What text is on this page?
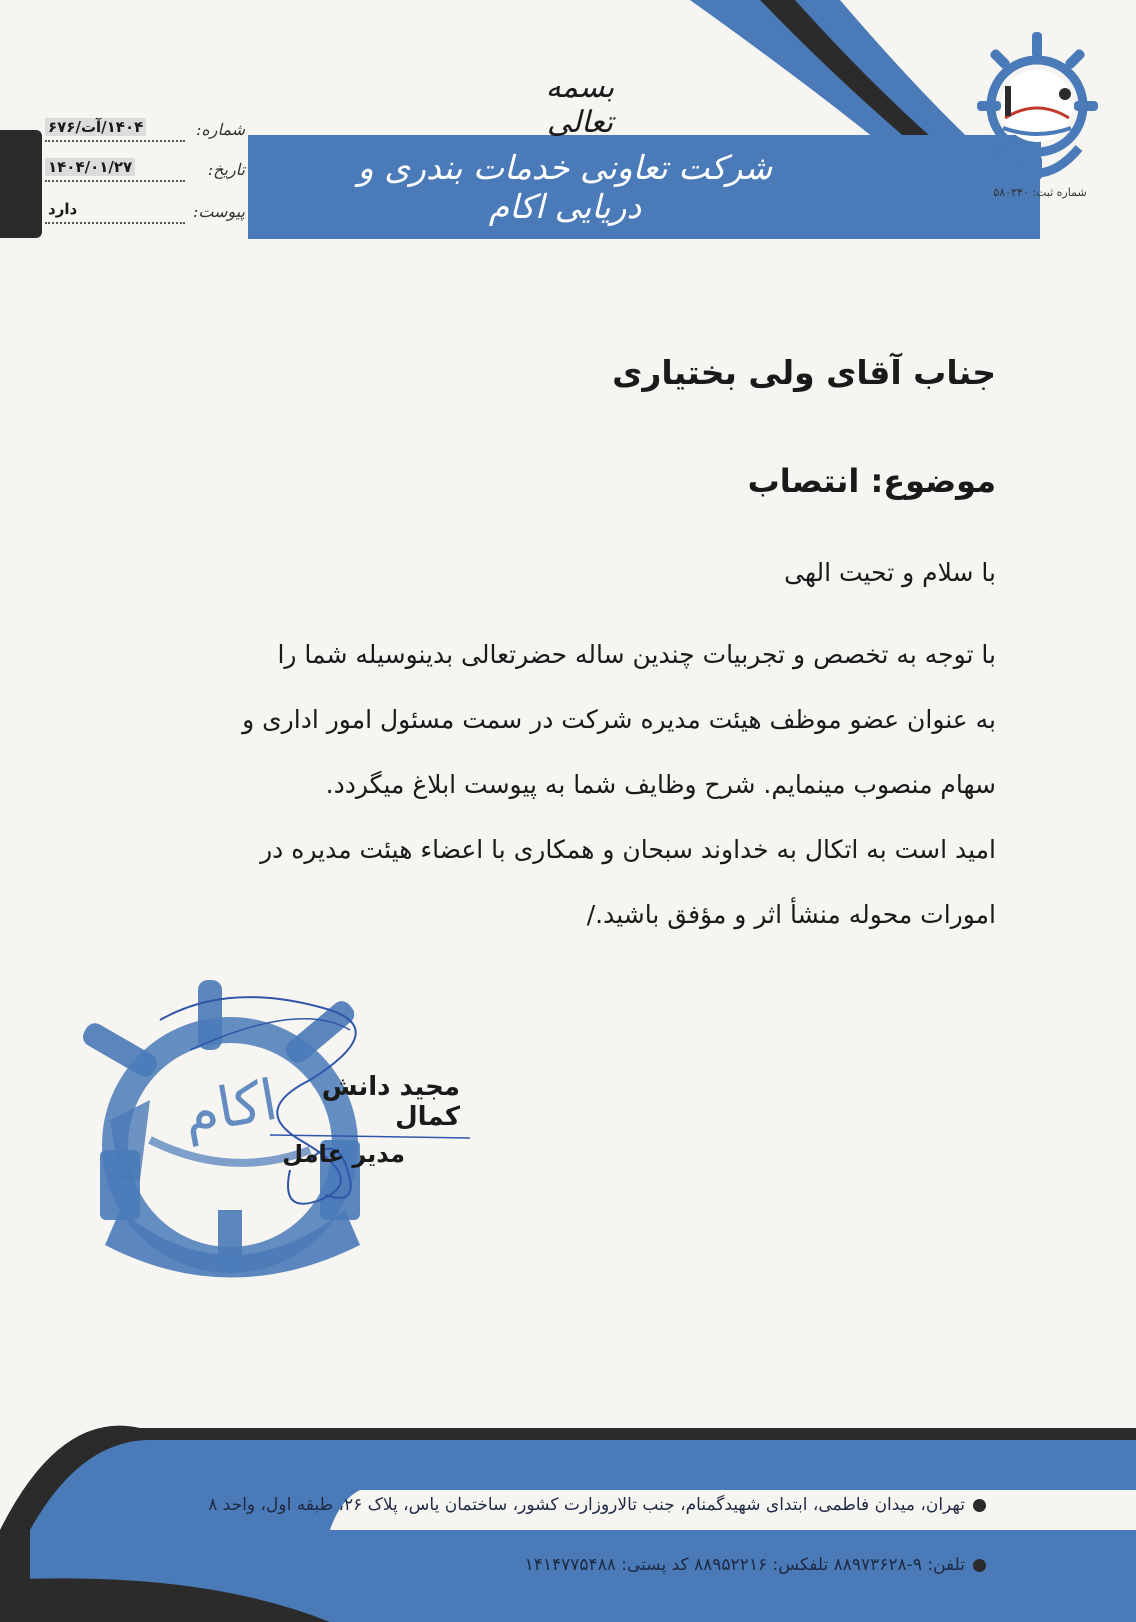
شرکت تعاونی خدمات بندری و دریایی اکام
بسمه تعالی
شماره:
۱۴۰۴/آت/۶۷۶
تاریخ:
۱۴۰۴/۰۱/۲۷
پیوست:
دارد
شماره ثبت: ۵۸۰۳۴۰
جناب آقای ولی بختیاری
موضوع: انتصاب
با سلام و تحیت الهی
با توجه به تخصص و تجربیات چندین ساله حضرتعالی بدینوسیله شما را
به عنوان عضو موظف هیئت مدیره شرکت در سمت مسئول امور اداری و
سهام منصوب مینمایم. شرح وظایف شما به پیوست ابلاغ میگردد.
امید است به اتکال به خداوند سبحان و همکاری با اعضاء هیئت مدیره در
امورات محوله منشأ اثر و مؤفق باشید./
اکام	مجید دانش کمال
مدیر عامل
تهران، میدان فاطمی، ابتدای شهیدگمنام، جنب تالاروزارت کشور، ساختمان یاس، پلاک ۲۶، طبقه اول، واحد ۸
تلفن: ۹-۸۸۹۷۳۶۲۸ تلفکس: ۸۸۹۵۲۲۱۶ کد پستی: ۱۴۱۴۷۷۵۴۸۸
